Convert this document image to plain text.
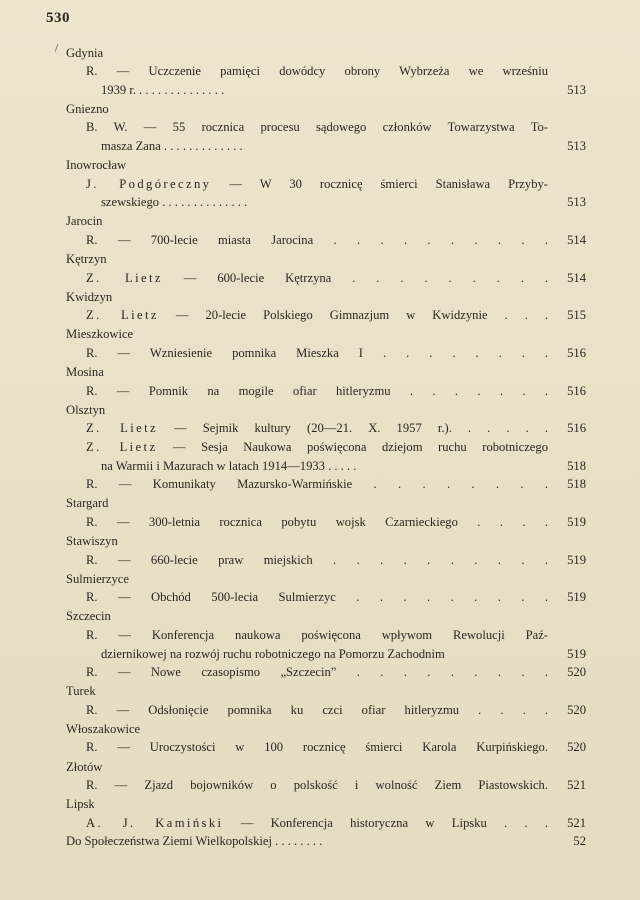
530
Gdynia
R. — Uczczenie pamięci dowódcy obrony Wybrzeża we wrześniu
1939 r. . . . . . . . . . . . . . .	513
Gniezno
B. W. — 55 rocznica procesu sądowego członków Towarzystwa To-
masza Zana . . . . . . . . . . . . .	513
Inowrocław
J. Podgóreczny — W 30 rocznicę śmierci Stanisława Przyby-
szewskiego . . . . . . . . . . . . . .	513
Jarocin
R. — 700-lecie miasta Jarocina . . . . . . . . . .	514
Kętrzyn
Z. Lietz — 600-lecie Kętrzyna . . . . . . . . .	514
Kwidzyn
Z. Lietz — 20-lecie Polskiego Gimnazjum w Kwidzynie . . .	515
Mieszkowice
R. — Wzniesienie pomnika Mieszka I . . . . . . . .	516
Mosina
R. — Pomnik na mogile ofiar hitleryzmu . . . . . . .	516
Olsztyn
Z. Lietz — Sejmik kultury (20—21. X. 1957 r.). . . . . .	516
Z. Lietz — Sesja Naukowa poświęcona dziejom ruchu robotniczego
na Warmii i Mazurach w latach 1914—1933 . . . . .	518
R. — Komunikaty Mazursko-Warmińskie . . . . . . . .	518
Stargard
R. — 300-letnia rocznica pobytu wojsk Czarnieckiego . . . .	519
Stawiszyn
R. — 660-lecie praw miejskich . . . . . . . . . .	519
Sulmierzyce
R. — Obchód 500-lecia Sulmierzyc . . . . . . . . .	519
Szczecin
R. — Konferencja naukowa poświęcona wpływom Rewolucji Paź-
dziernikowej na rozwój ruchu robotniczego na Pomorzu Zachodnim	519
R. — Nowe czasopismo „Szczecin” . . . . . . . . .	520
Turek
R. — Odsłonięcie pomnika ku czci ofiar hitleryzmu . . . .	520
Włoszakowice
R. — Uroczystości w 100 rocznicę śmierci Karola Kurpińskiego.	520
Złotów
R. — Zjazd bojowników o polskość i wolność Ziem Piastowskich.	521
Lipsk
A. J. Kamiński — Konferencja historyczna w Lipsku . . .	521
Do Społeczeństwa Ziemi Wielkopolskiej . . . . . . . .	52
